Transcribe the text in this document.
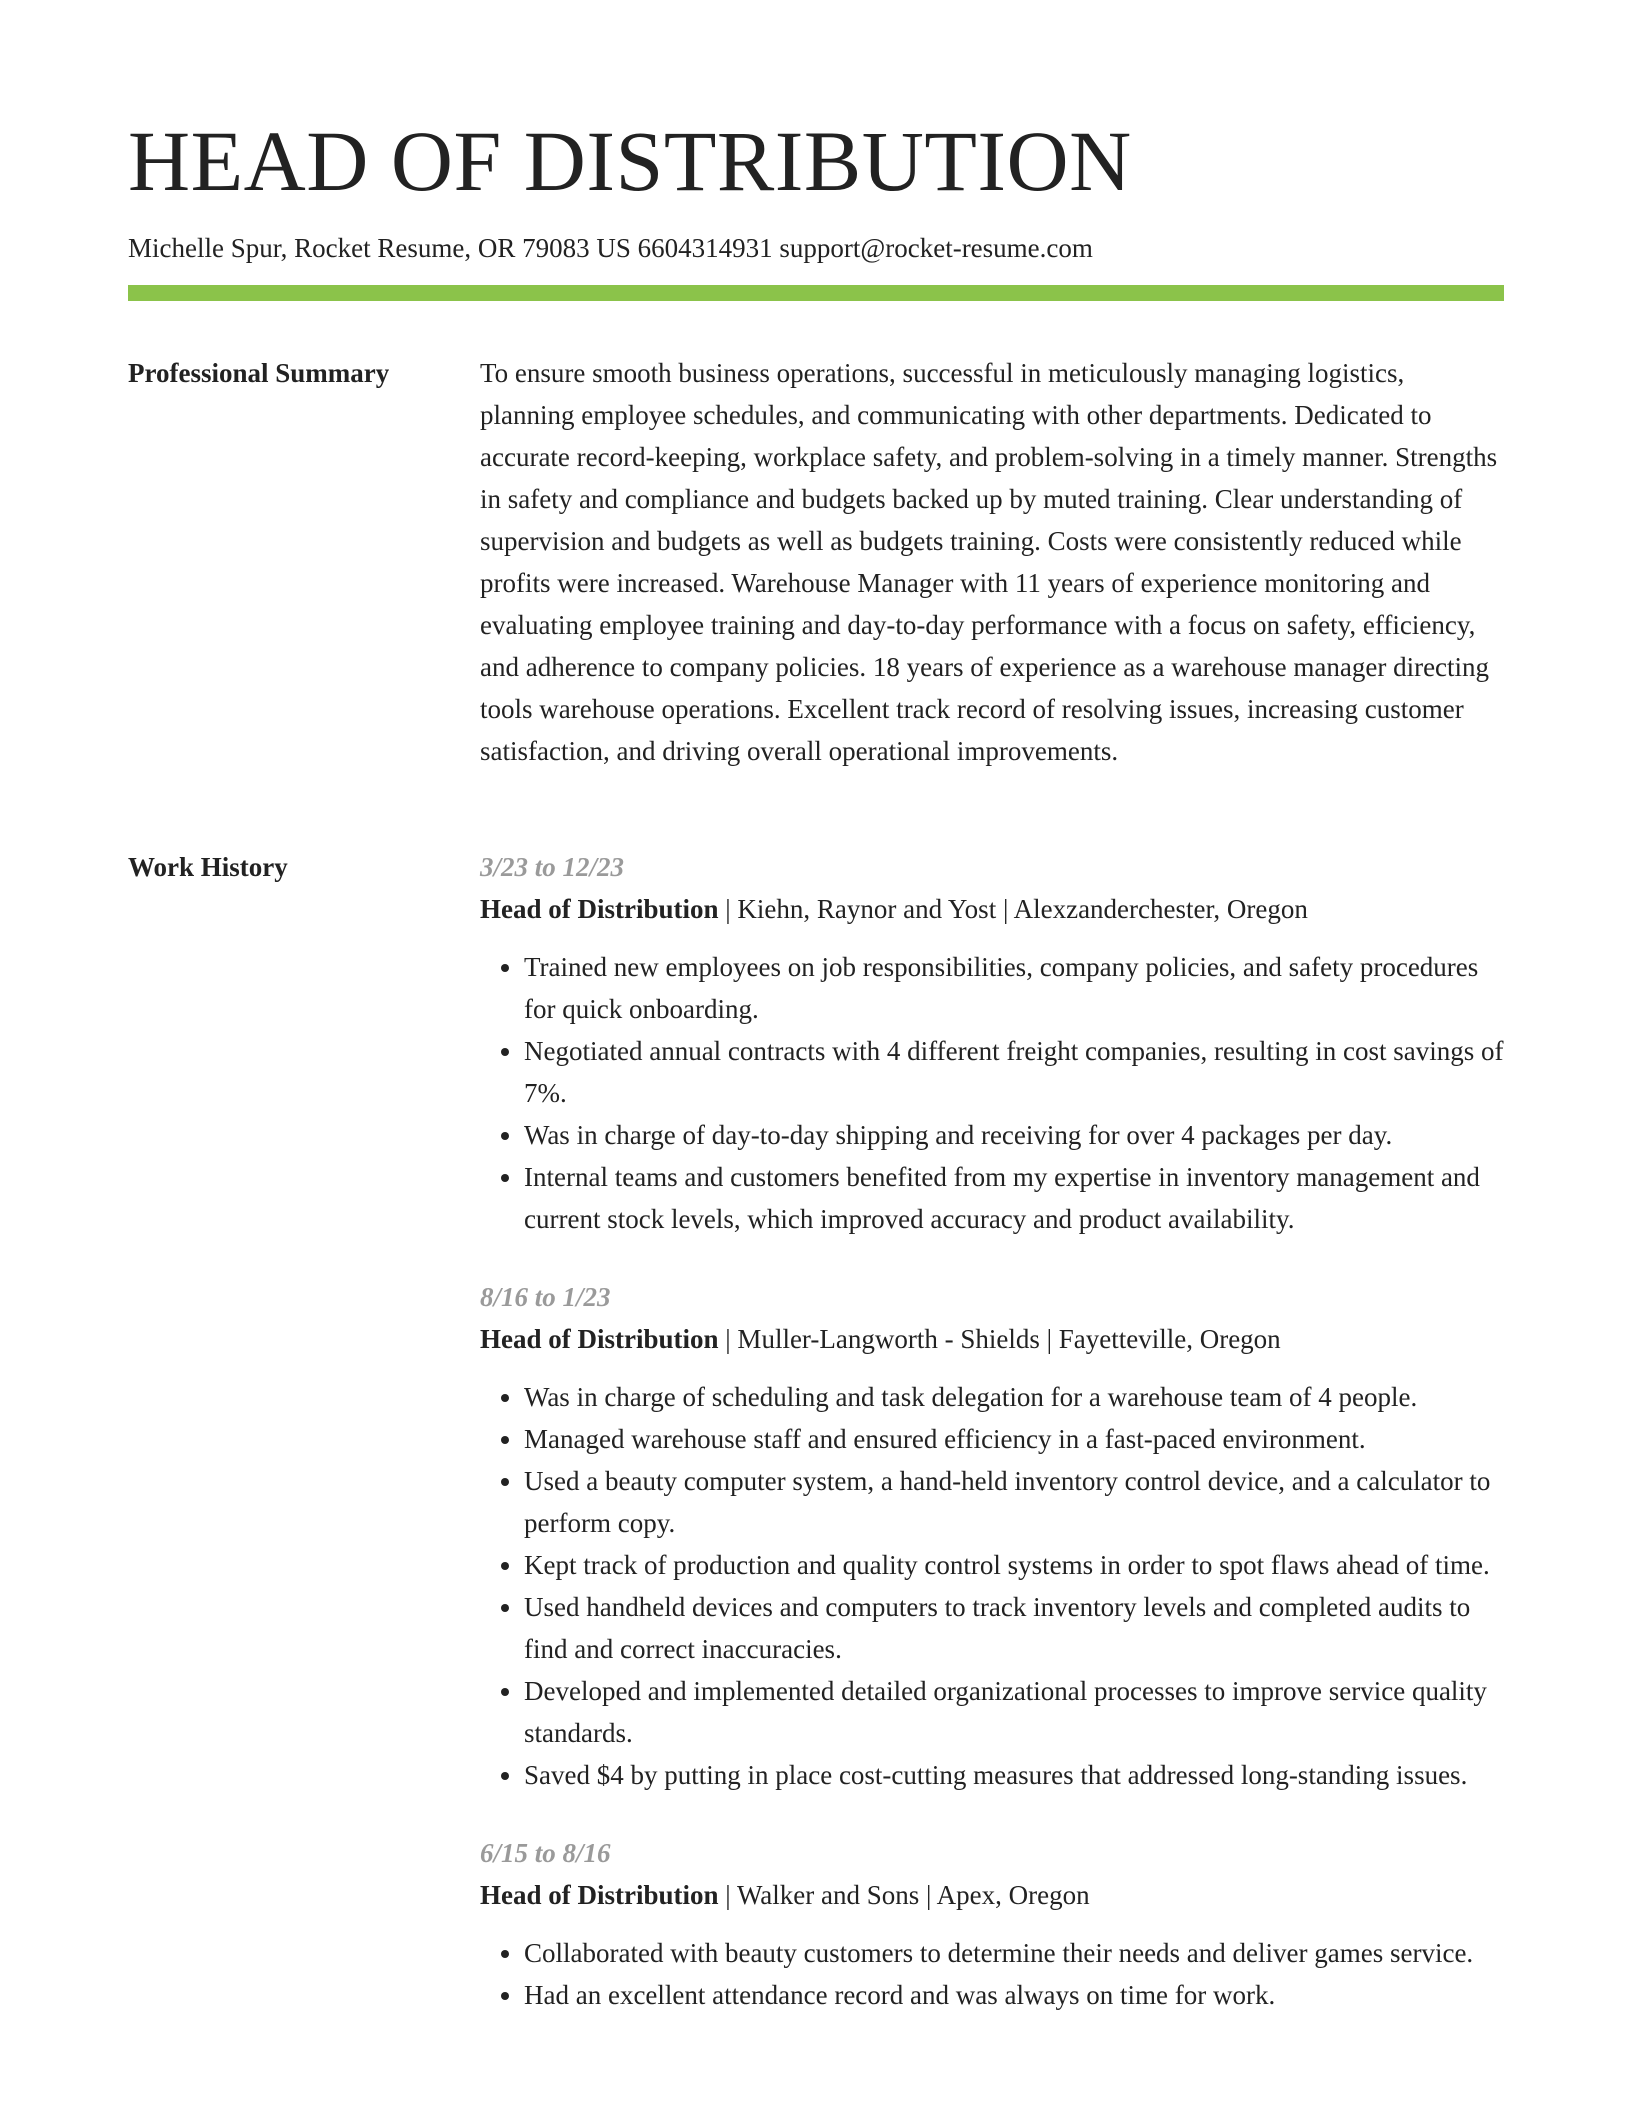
HEAD OF DISTRIBUTION
Michelle Spur, Rocket Resume, OR 79083 US 6604314931 support@rocket-resume.com
Professional Summary	To ensure smooth business operations, successful in meticulously managing logistics, planning employee schedules, and communicating with other departments. Dedicated to accurate record-keeping, workplace safety, and problem-solving in a timely manner. Strengths in safety and compliance and budgets backed up by muted training. Clear understanding of supervision and budgets as well as budgets training. Costs were consistently reduced while profits were increased. Warehouse Manager with 11 years of experience monitoring and evaluating employee training and day-to-day performance with a focus on safety, efficiency, and adherence to company policies. 18 years of experience as a warehouse manager directing tools warehouse operations. Excellent track record of resolving issues, increasing customer satisfaction, and driving overall operational improvements.

Work History	3/23 to 12/23
Head of Distribution | Kiehn, Raynor and Yost | Alexzanderchester, Oregon
• Trained new employees on job responsibilities, company policies, and safety procedures for quick onboarding.
• Negotiated annual contracts with 4 different freight companies, resulting in cost savings of 7%.
• Was in charge of day-to-day shipping and receiving for over 4 packages per day.
• Internal teams and customers benefited from my expertise in inventory management and current stock levels, which improved accuracy and product availability.
8/16 to 1/23
Head of Distribution | Muller-Langworth - Shields | Fayetteville, Oregon
• Was in charge of scheduling and task delegation for a warehouse team of 4 people.
• Managed warehouse staff and ensured efficiency in a fast-paced environment.
• Used a beauty computer system, a hand-held inventory control device, and a calculator to perform copy.
• Kept track of production and quality control systems in order to spot flaws ahead of time.
• Used handheld devices and computers to track inventory levels and completed audits to find and correct inaccuracies.
• Developed and implemented detailed organizational processes to improve service quality standards.
• Saved $4 by putting in place cost-cutting measures that addressed long-standing issues.
6/15 to 8/16
Head of Distribution | Walker and Sons | Apex, Oregon
• Collaborated with beauty customers to determine their needs and deliver games service.
• Had an excellent attendance record and was always on time for work.
